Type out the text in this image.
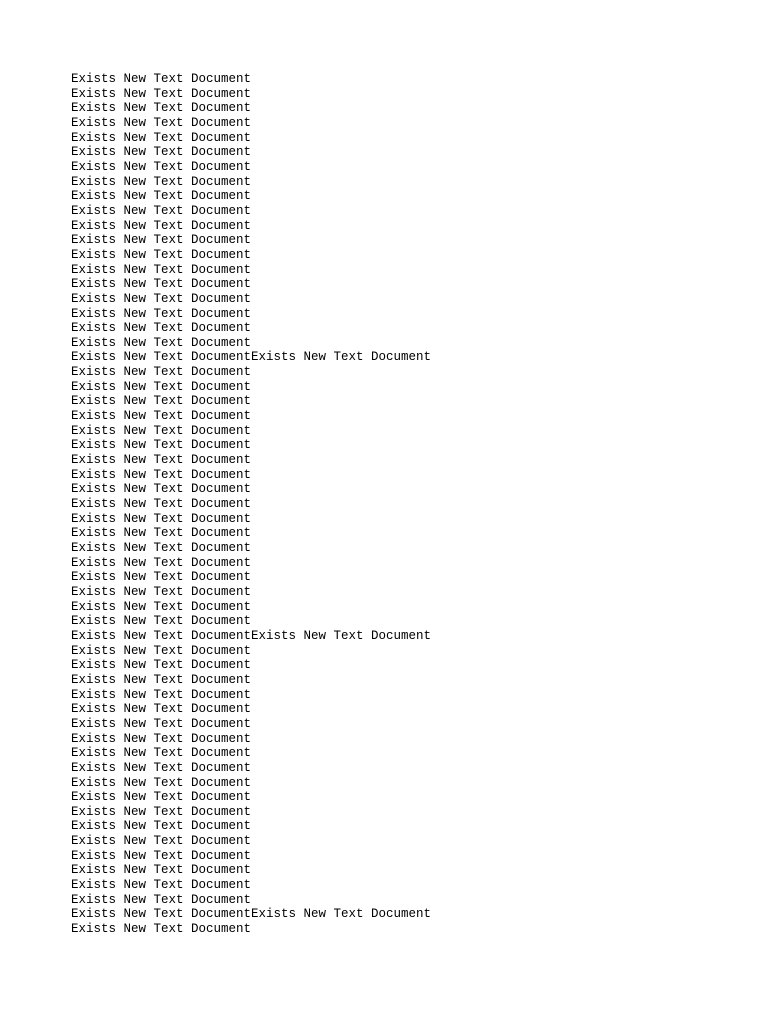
Exists New Text Document
Exists New Text Document
Exists New Text Document
Exists New Text Document
Exists New Text Document
Exists New Text Document
Exists New Text Document
Exists New Text Document
Exists New Text Document
Exists New Text Document
Exists New Text Document
Exists New Text Document
Exists New Text Document
Exists New Text Document
Exists New Text Document
Exists New Text Document
Exists New Text Document
Exists New Text Document
Exists New Text Document
Exists New Text DocumentExists New Text Document
Exists New Text Document
Exists New Text Document
Exists New Text Document
Exists New Text Document
Exists New Text Document
Exists New Text Document
Exists New Text Document
Exists New Text Document
Exists New Text Document
Exists New Text Document
Exists New Text Document
Exists New Text Document
Exists New Text Document
Exists New Text Document
Exists New Text Document
Exists New Text Document
Exists New Text Document
Exists New Text Document
Exists New Text DocumentExists New Text Document
Exists New Text Document
Exists New Text Document
Exists New Text Document
Exists New Text Document
Exists New Text Document
Exists New Text Document
Exists New Text Document
Exists New Text Document
Exists New Text Document
Exists New Text Document
Exists New Text Document
Exists New Text Document
Exists New Text Document
Exists New Text Document
Exists New Text Document
Exists New Text Document
Exists New Text Document
Exists New Text Document
Exists New Text DocumentExists New Text Document
Exists New Text Document
